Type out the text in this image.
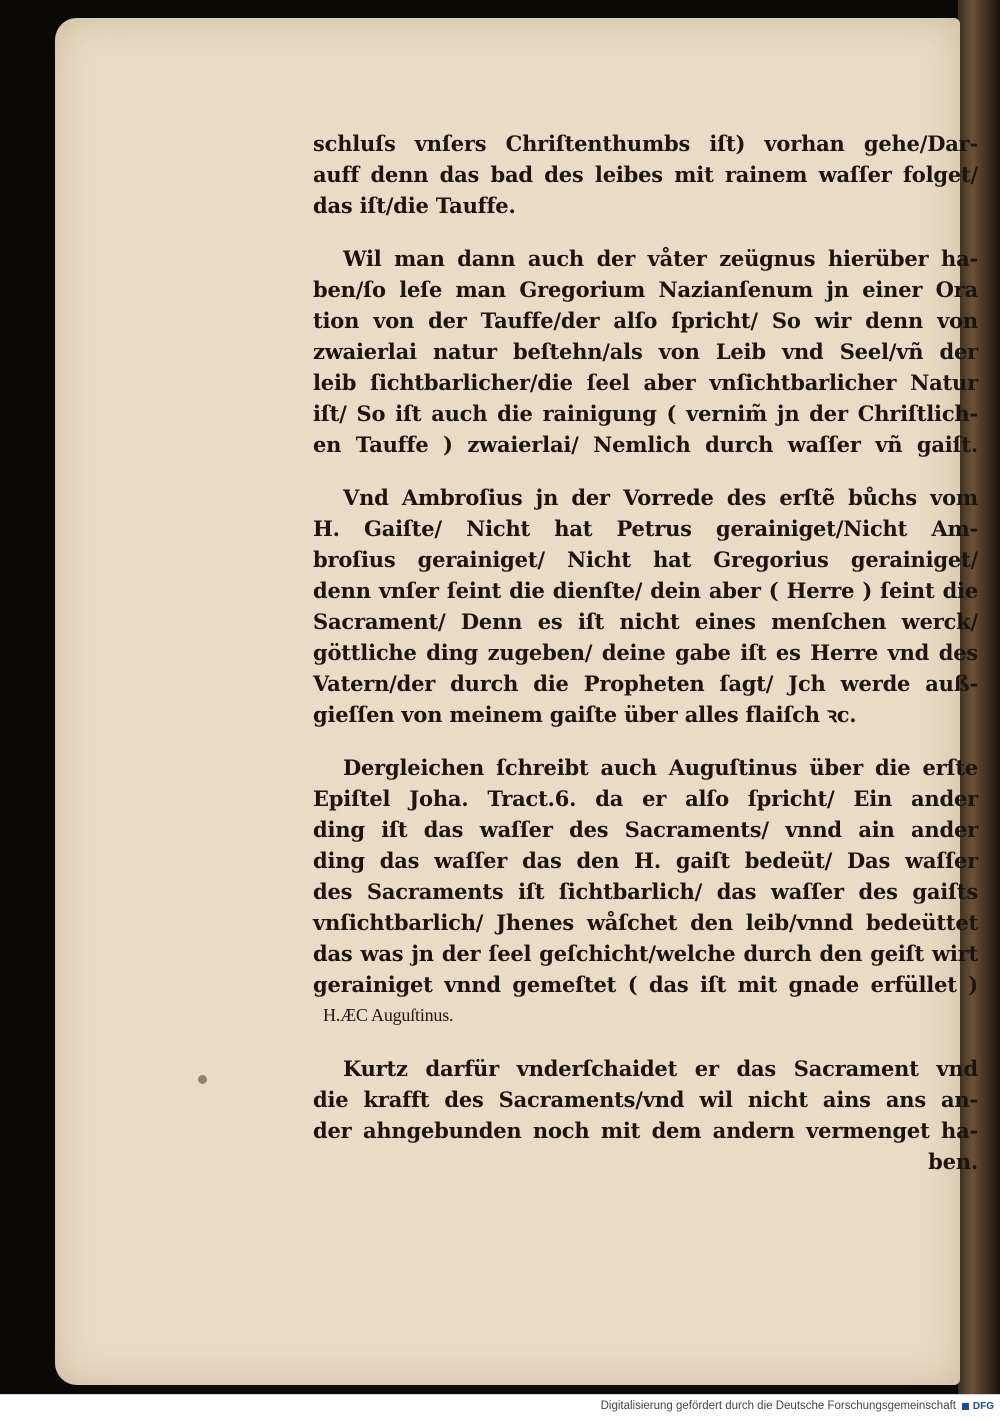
schluſs vnſers Chriſtenthumbs iſt) vorhan gehe/Dar-
auff denn das bad des leibes mit rainem waſſer folget/
das iſt/die Tauffe.
Wil man dann auch der våter zeügnus hierüber ha-
ben/ſo leſe man Gregorium Nazianſenum jn einer Ora
tion von der Tauffe/der alſo ſpricht/ So wir denn von
zwaierlai natur beſtehn/als von Leib vnd Seel/vñ der
leib ſichtbarlicher/die ſeel aber vnſichtbarlicher Natur
iſt/ So iſt auch die rainigung ( vernim̃ jn der Chriſtlich-
en Tauffe ) zwaierlai/ Nemlich durch waſſer vñ gaiſt.
Vnd Ambroſius jn der Vorrede des erſtẽ bůchs vom
H. Gaiſte/ Nicht hat Petrus gerainiget/Nicht Am-
broſius gerainiget/ Nicht hat Gregorius gerainiget/
denn vnſer ſeint die dienſte/ dein aber ( Herre ) ſeint die
Sacrament/ Denn es iſt nicht eines menſchen werck/
göttliche ding zugeben/ deine gabe iſt es Herre vnd des
Vatern/der durch die Propheten ſagt/ Jch werde auß-
gieſſen von meinem gaiſte über alles flaiſch ꝛc.
Dergleichen ſchreibt auch Auguſtinus über die erſte
Epiſtel Joha. Tract.6. da er alſo ſpricht/ Ein ander
ding iſt das waſſer des Sacraments/ vnnd ain ander
ding das waſſer das den H. gaiſt bedeüt/ Das waſſer
des Sacraments iſt ſichtbarlich/ das waſſer des gaiſts
vnſichtbarlich/ Jhenes wåſchet den leib/vnnd bedeüttet
das was jn der ſeel geſchicht/welche durch den geiſt wirt
gerainiget vnnd gemeſtet ( das iſt mit gnade erfüllet )
H.ÆC Auguſtinus.
Kurtz darfür vnderſchaidet er das Sacrament vnd
die krafft des Sacraments/vnd wil nicht ains ans an-
der ahngebunden noch mit dem andern vermenget ha-
ben.
Digitalisierung gefördert durch die Deutsche Forschungsgemeinschaft	DFG
